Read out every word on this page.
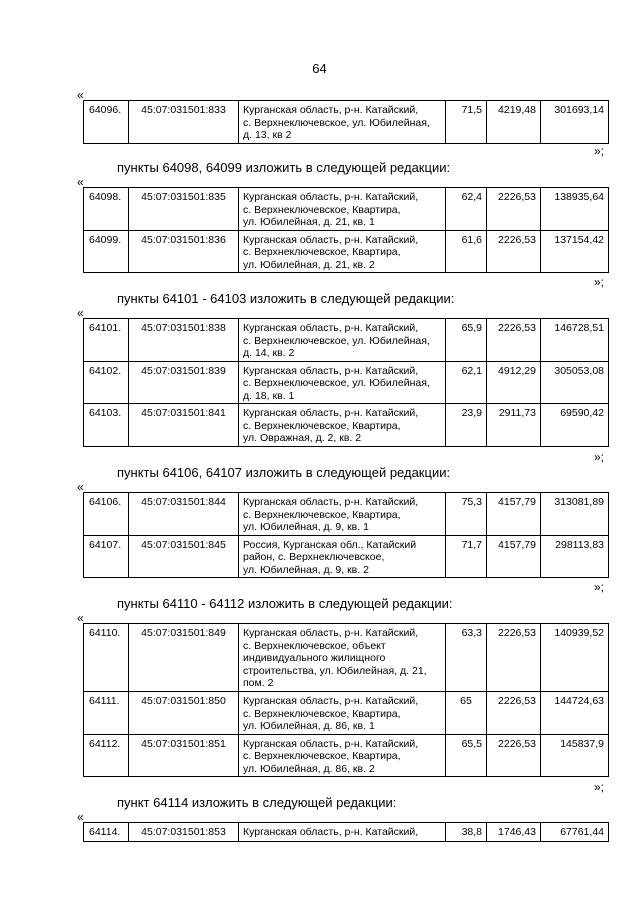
64
«
64096.	45:07:031501:833	Курганская область, р-н. Катайский,
с. Верхнеключевское, ул. Юбилейная,
д. 13, кв 2	71,5	4219,48	301693,14
»;
пункты 64098, 64099 изложить в следующей редакции:
«
64098.	45:07:031501:835	Курганская область, р-н. Катайский,
с. Верхнеключевское, Квартира,
ул. Юбилейная, д. 21, кв. 1	62,4	2226,53	138935,64
64099.	45:07:031501:836	Курганская область, р-н. Катайский,
с. Верхнеключевское, Квартира,
ул. Юбилейная, д. 21, кв. 2	61,6	2226,53	137154,42
»;
пункты 64101 - 64103 изложить в следующей редакции:
«
64101.	45:07:031501:838	Курганская область, р-н. Катайский,
с. Верхнеключевское, ул. Юбилейная,
д. 14, кв. 2	65,9	2226,53	146728,51
64102.	45:07:031501:839	Курганская область, р-н. Катайский,
с. Верхнеключевское, ул. Юбилейная,
д. 18, кв. 1	62,1	4912,29	305053,08
64103.	45:07:031501:841	Курганская область, р-н. Катайский,
с. Верхнеключевское, Квартира,
ул. Овражная, д. 2, кв. 2	23,9	2911,73	69590,42
»;
пункты 64106, 64107 изложить в следующей редакции:
«
64106.	45:07:031501:844	Курганская область, р-н. Катайский,
с. Верхнеключевское, Квартира,
ул. Юбилейная, д. 9, кв. 1	75,3	4157,79	313081,89
64107.	45:07:031501:845	Россия, Курганская обл., Катайский
район, с. Верхнеключевское,
ул. Юбилейная, д. 9, кв. 2	71,7	4157,79	298113,83
»;
пункты 64110 - 64112 изложить в следующей редакции:
«
64110.	45:07:031501:849	Курганская область, р-н. Катайский,
с. Верхнеключевское, объект
индивидуального жилищного
строительства, ул. Юбилейная, д. 21,
пом. 2	63,3	2226,53	140939,52
64111.	45:07:031501:850	Курганская область, р-н. Катайский,
с. Верхнеключевское, Квартира,
ул. Юбилейная, д. 86, кв. 1	65	2226,53	144724,63
64112.	45:07:031501:851	Курганская область, р-н. Катайский,
с. Верхнеключевское, Квартира,
ул. Юбилейная, д. 86, кв. 2	65,5	2226,53	145837,9
»;
пункт 64114 изложить в следующей редакции:
«
64114.	45:07:031501:853	Курганская область, р-н. Катайский,	38,8	1746,43	67761,44
